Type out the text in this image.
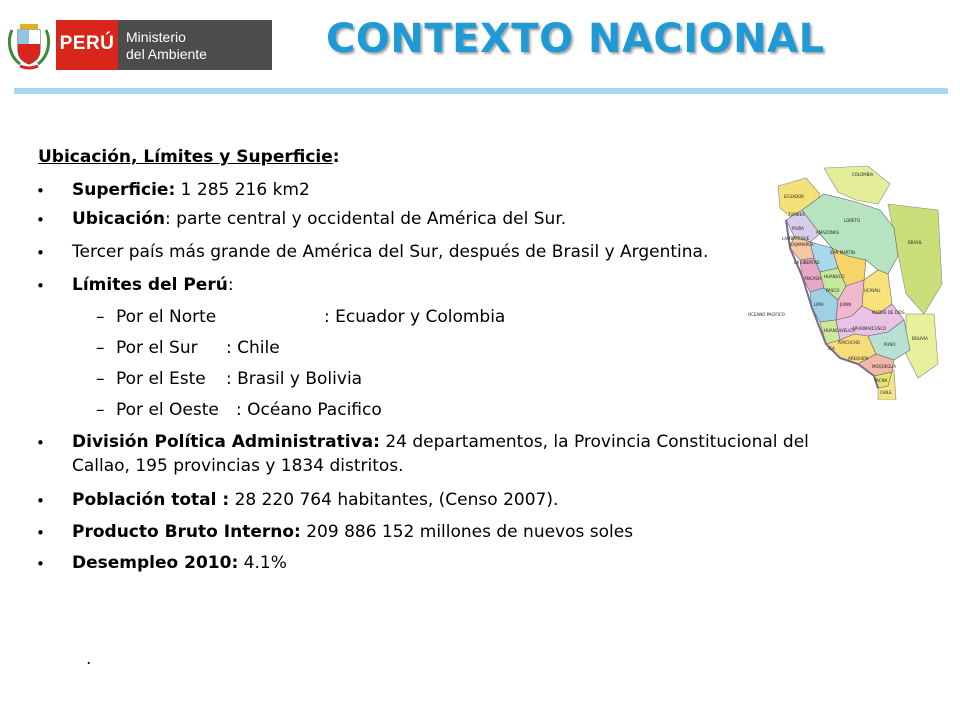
PERÚ Ministerio
del Ambiente	CONTEXTO NACIONAL
Ubicación, Límites y Superficie:
• Superficie: 1 285 216 km2
• Ubicación: parte central y occidental de América del Sur.
• Tercer país más grande de América del Sur, después de Brasil y Argentina.
• Límites del Perú:
– Por el Norte	: Ecuador y Colombia
– Por el Sur : Chile
– Por el Este : Brasil y Bolivia
– Por el Oeste : Océano Pacifico
• División Política Administrativa: 24 departamentos, la Provincia Constitucional del
Callao, 195 provincias y 1834 distritos.
• Población total : 28 220 764 habitantes, (Censo 2007).
• Producto Bruto Interno: 209 886 152 millones de nuevos soles
• Desempleo 2010: 4.1%
.
COLOMBIA
ECUADOR
BRASIL
BOLIVIA
CHILE
OCEANO PACIFICO
TUMBES
PIURA
LORETO
AMAZONAS
CAJAMARCA
LAMBAYEQUE
SAN MARTIN
LA LIBERTAD
ANCASH HUANUCO
UCAYALI
PASCO
LIMA	JUNIN
HUANCAVELICA
MADRE DE DIOS
ICA
CUSCO
APURIMAC
AYACUCHO
AREQUIPA
PUNO
MOQUEGUA
TACNA
